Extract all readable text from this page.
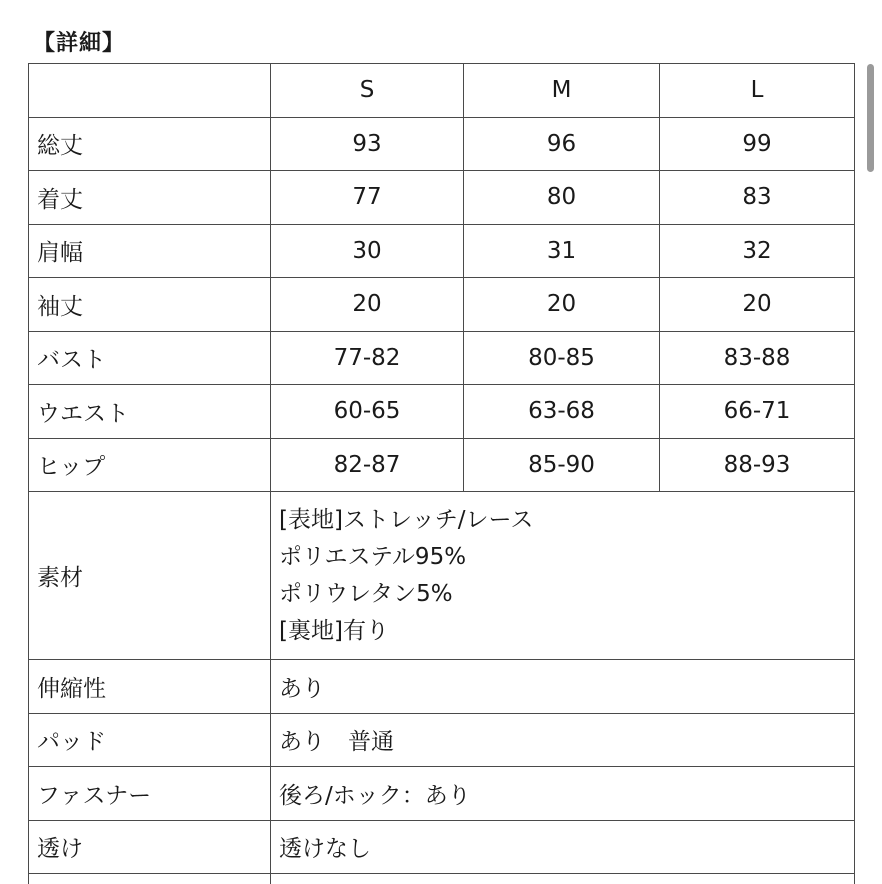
【詳細】
	S	M	L
総丈	93	96	99
着丈	77	80	83
肩幅	30	31	32
袖丈	20	20	20
バスト	77-82	80-85	83-88
ウエスト	60-65	63-68	66-71
ヒップ	82-87	85-90	88-93
素材	[表地]ストレッチ/レース
ポリエステル95%
ポリウレタン5%
[裏地]有り		

伸縮性	あり		
パッド	あり　普通		
ファスナー	後ろ/ホック：あり		
透け	透けなし		
